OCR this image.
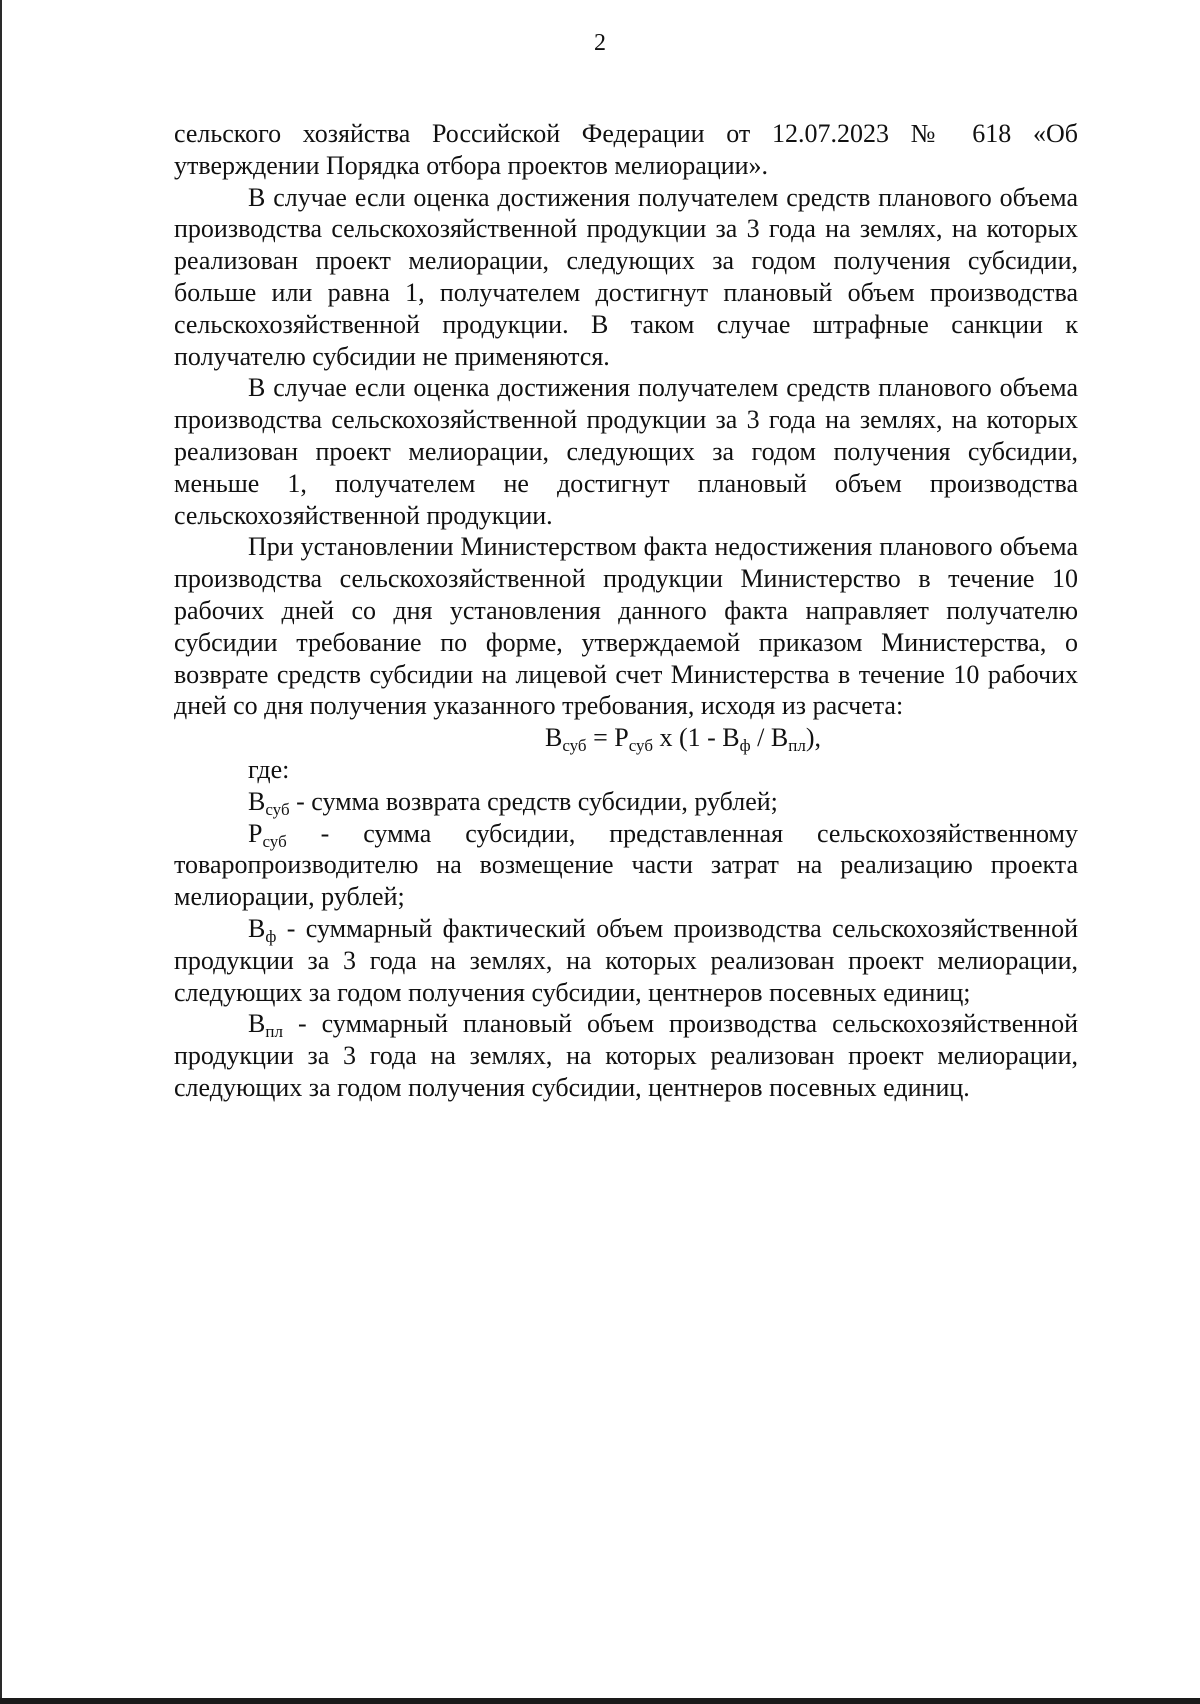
2

сельского хозяйства Российской Федерации от 12.07.2023 № 618 «Об утверждении Порядка отбора проектов мелиорации».

В случае если оценка достижения получателем средств планового объема производства сельскохозяйственной продукции за 3 года на землях, на которых реализован проект мелиорации, следующих за годом получения субсидии, больше или равна 1, получателем достигнут плановый объем производства сельскохозяйственной продукции. В таком случае штрафные санкции к получателю субсидии не применяются.

В случае если оценка достижения получателем средств планового объема производства сельскохозяйственной продукции за 3 года на землях, на которых реализован проект мелиорации, следующих за годом получения субсидии, меньше 1, получателем не достигнут плановый объем производства сельскохозяйственной продукции.

При установлении Министерством факта недостижения планового объема производства сельскохозяйственной продукции Министерство в течение 10 рабочих дней со дня установления данного факта направляет получателю субсидии требование по форме, утверждаемой приказом Министерства, о возврате средств субсидии на лицевой счет Министерства в течение 10 рабочих дней со дня получения указанного требования, исходя из расчета:

$В_{суб} = Р_{суб}$ х $(1 - В_ф / В_{пл})$,

где:

$В_{суб}$ - сумма возврата средств субсидии, рублей;

$Р_{суб}$ - сумма субсидии, представленная сельскохозяйственному товаропроизводителю на возмещение части затрат на реализацию проекта мелиорации, рублей;

$В_ф$ - суммарный фактический объем производства сельскохозяйственной продукции за 3 года на землях, на которых реализован проект мелиорации, следующих за годом получения субсидии, центнеров посевных единиц;

$В_{пл}$ - суммарный плановый объем производства сельскохозяйственной продукции за 3 года на землях, на которых реализован проект мелиорации, следующих за годом получения субсидии, центнеров посевных единиц.
